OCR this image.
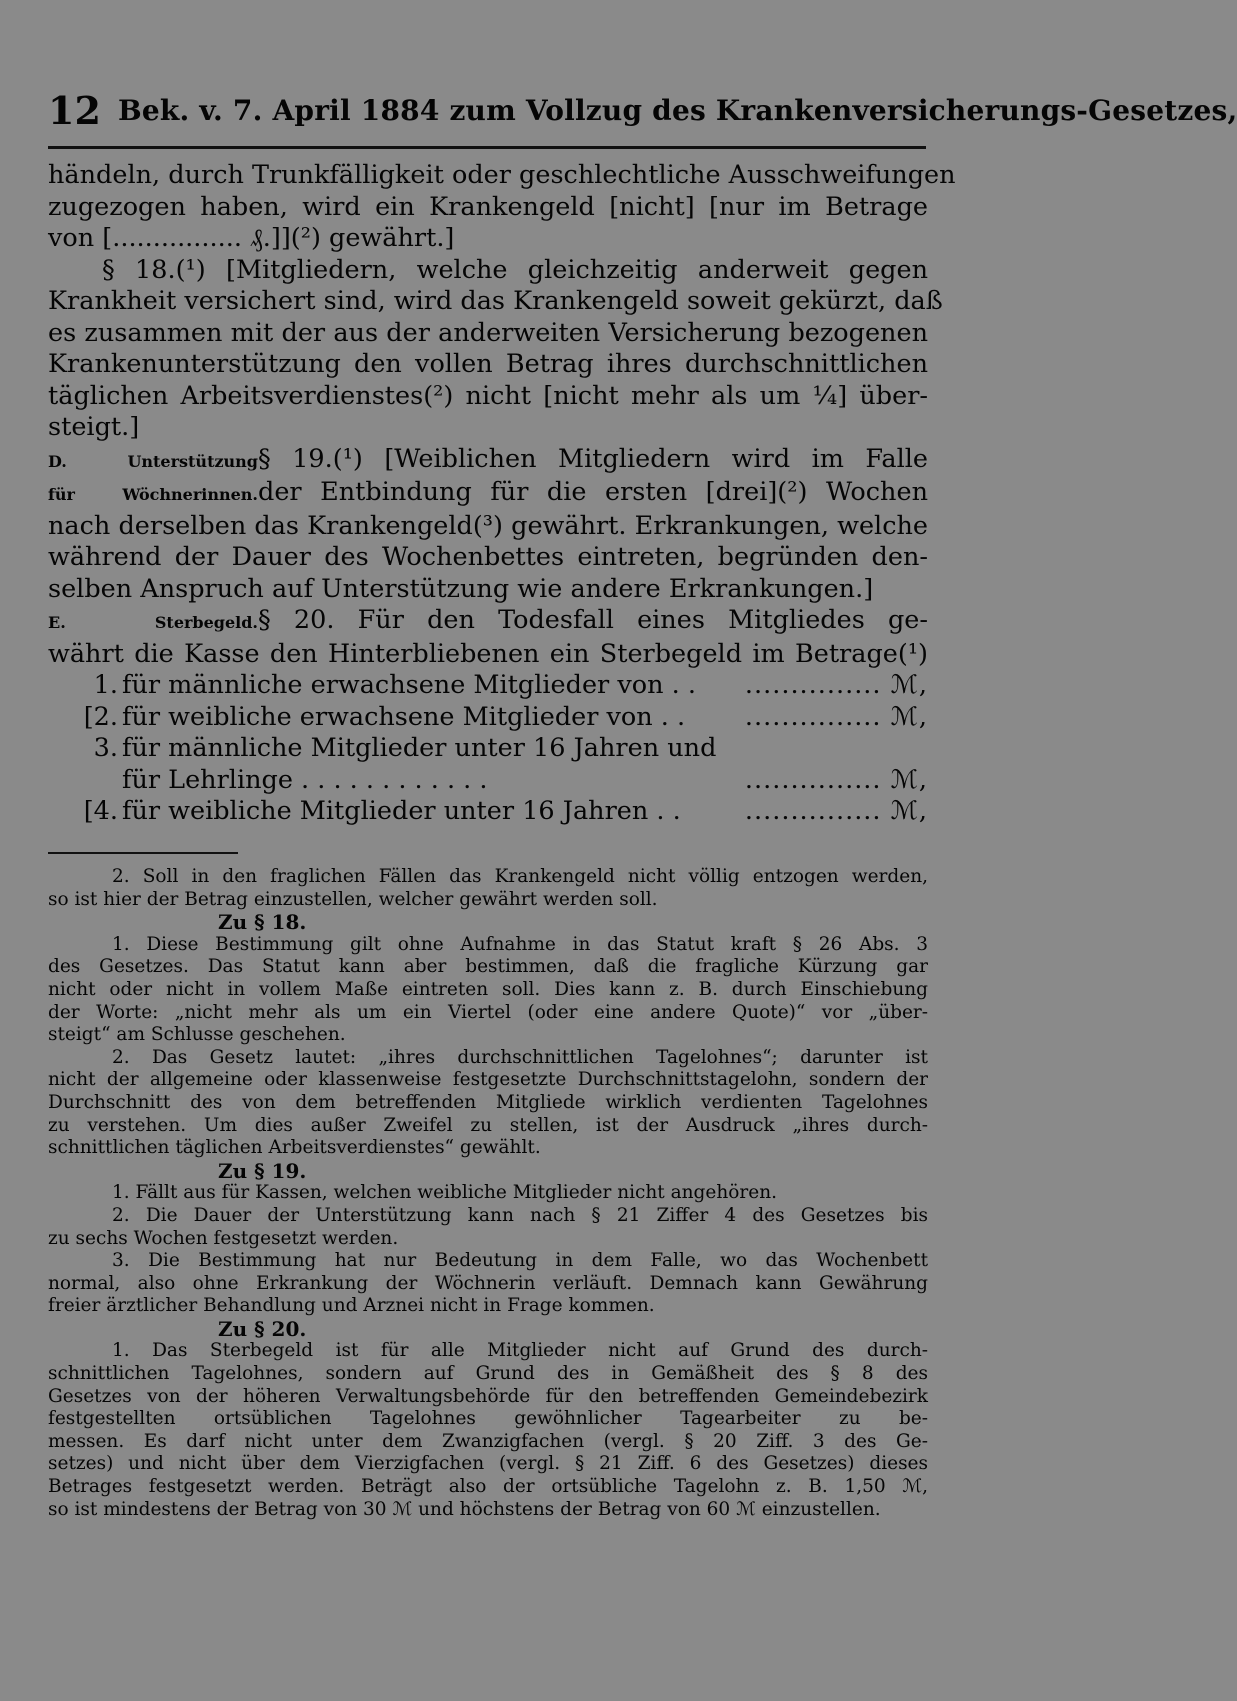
12 Bek. v. 7. April 1884 zum Vollzug des Krankenversicherungs-Gesetzes,
händeln, durch Trunkfälligkeit oder geschlechtliche Ausschweifungen
zugezogen haben, wird ein Krankengeld [nicht] [nur im Betrage
von [................ ₰.]](²) gewährt.]
§ 18.(¹) [Mitgliedern, welche gleichzeitig anderweit gegen
Krankheit versichert sind, wird das Krankengeld soweit gekürzt, daß
es zusammen mit der aus der anderweiten Versicherung bezogenen
Krankenunterstützung den vollen Betrag ihres durchschnittlichen
täglichen Arbeitsverdienstes(²) nicht [nicht mehr als um ¼] über-
steigt.]
D. Unterstützung§ 19.(¹) [Weiblichen Mitgliedern wird im Falle
für Wöchnerinnen.der Entbindung für die ersten [drei](²) Wochen
nach derselben das Krankengeld(³) gewährt. Erkrankungen, welche
während der Dauer des Wochenbettes eintreten, begründen den-
selben Anspruch auf Unterstützung wie andere Erkrankungen.]
E. Sterbegeld.§ 20. Für den Todesfall eines Mitgliedes ge-
währt die Kasse den Hinterbliebenen ein Sterbegeld im Betrage(¹)
1. für männliche erwachsene Mitglieder von . . ............... ℳ,
[2. für weibliche erwachsene Mitglieder von . . ............... ℳ,
3. für männliche Mitglieder unter 16 Jahren und
für Lehrlinge . . . . . . . . . . . .	............... ℳ,
[4. für weibliche Mitglieder unter 16 Jahren . .	............... ℳ,
2. Soll in den fraglichen Fällen das Krankengeld nicht völlig entzogen werden,
so ist hier der Betrag einzustellen, welcher gewährt werden soll.
Zu § 18.
1. Diese Bestimmung gilt ohne Aufnahme in das Statut kraft § 26 Abs. 3
des Gesetzes. Das Statut kann aber bestimmen, daß die fragliche Kürzung gar
nicht oder nicht in vollem Maße eintreten soll. Dies kann z. B. durch Einschiebung
der Worte: „nicht mehr als um ein Viertel (oder eine andere Quote)“ vor „über-
steigt“ am Schlusse geschehen.
2. Das Gesetz lautet: „ihres durchschnittlichen Tagelohnes“; darunter ist
nicht der allgemeine oder klassenweise festgesetzte Durchschnittstagelohn, sondern der
Durchschnitt des von dem betreffenden Mitgliede wirklich verdienten Tagelohnes
zu verstehen. Um dies außer Zweifel zu stellen, ist der Ausdruck „ihres durch-
schnittlichen täglichen Arbeitsverdienstes“ gewählt.
Zu § 19.
1. Fällt aus für Kassen, welchen weibliche Mitglieder nicht angehören.
2. Die Dauer der Unterstützung kann nach § 21 Ziffer 4 des Gesetzes bis
zu sechs Wochen festgesetzt werden.
3. Die Bestimmung hat nur Bedeutung in dem Falle, wo das Wochenbett
normal, also ohne Erkrankung der Wöchnerin verläuft. Demnach kann Gewährung
freier ärztlicher Behandlung und Arznei nicht in Frage kommen.
Zu § 20.
1. Das Sterbegeld ist für alle Mitglieder nicht auf Grund des durch-
schnittlichen Tagelohnes, sondern auf Grund des in Gemäßheit des § 8 des
Gesetzes von der höheren Verwaltungsbehörde für den betreffenden Gemeindebezirk
festgestellten ortsüblichen Tagelohnes gewöhnlicher Tagearbeiter zu be-
messen. Es darf nicht unter dem Zwanzigfachen (vergl. § 20 Ziff. 3 des Ge-
setzes) und nicht über dem Vierzigfachen (vergl. § 21 Ziff. 6 des Gesetzes) dieses
Betrages festgesetzt werden. Beträgt also der ortsübliche Tagelohn z. B. 1,50 ℳ,
so ist mindestens der Betrag von 30 ℳ und höchstens der Betrag von 60 ℳ einzustellen.
